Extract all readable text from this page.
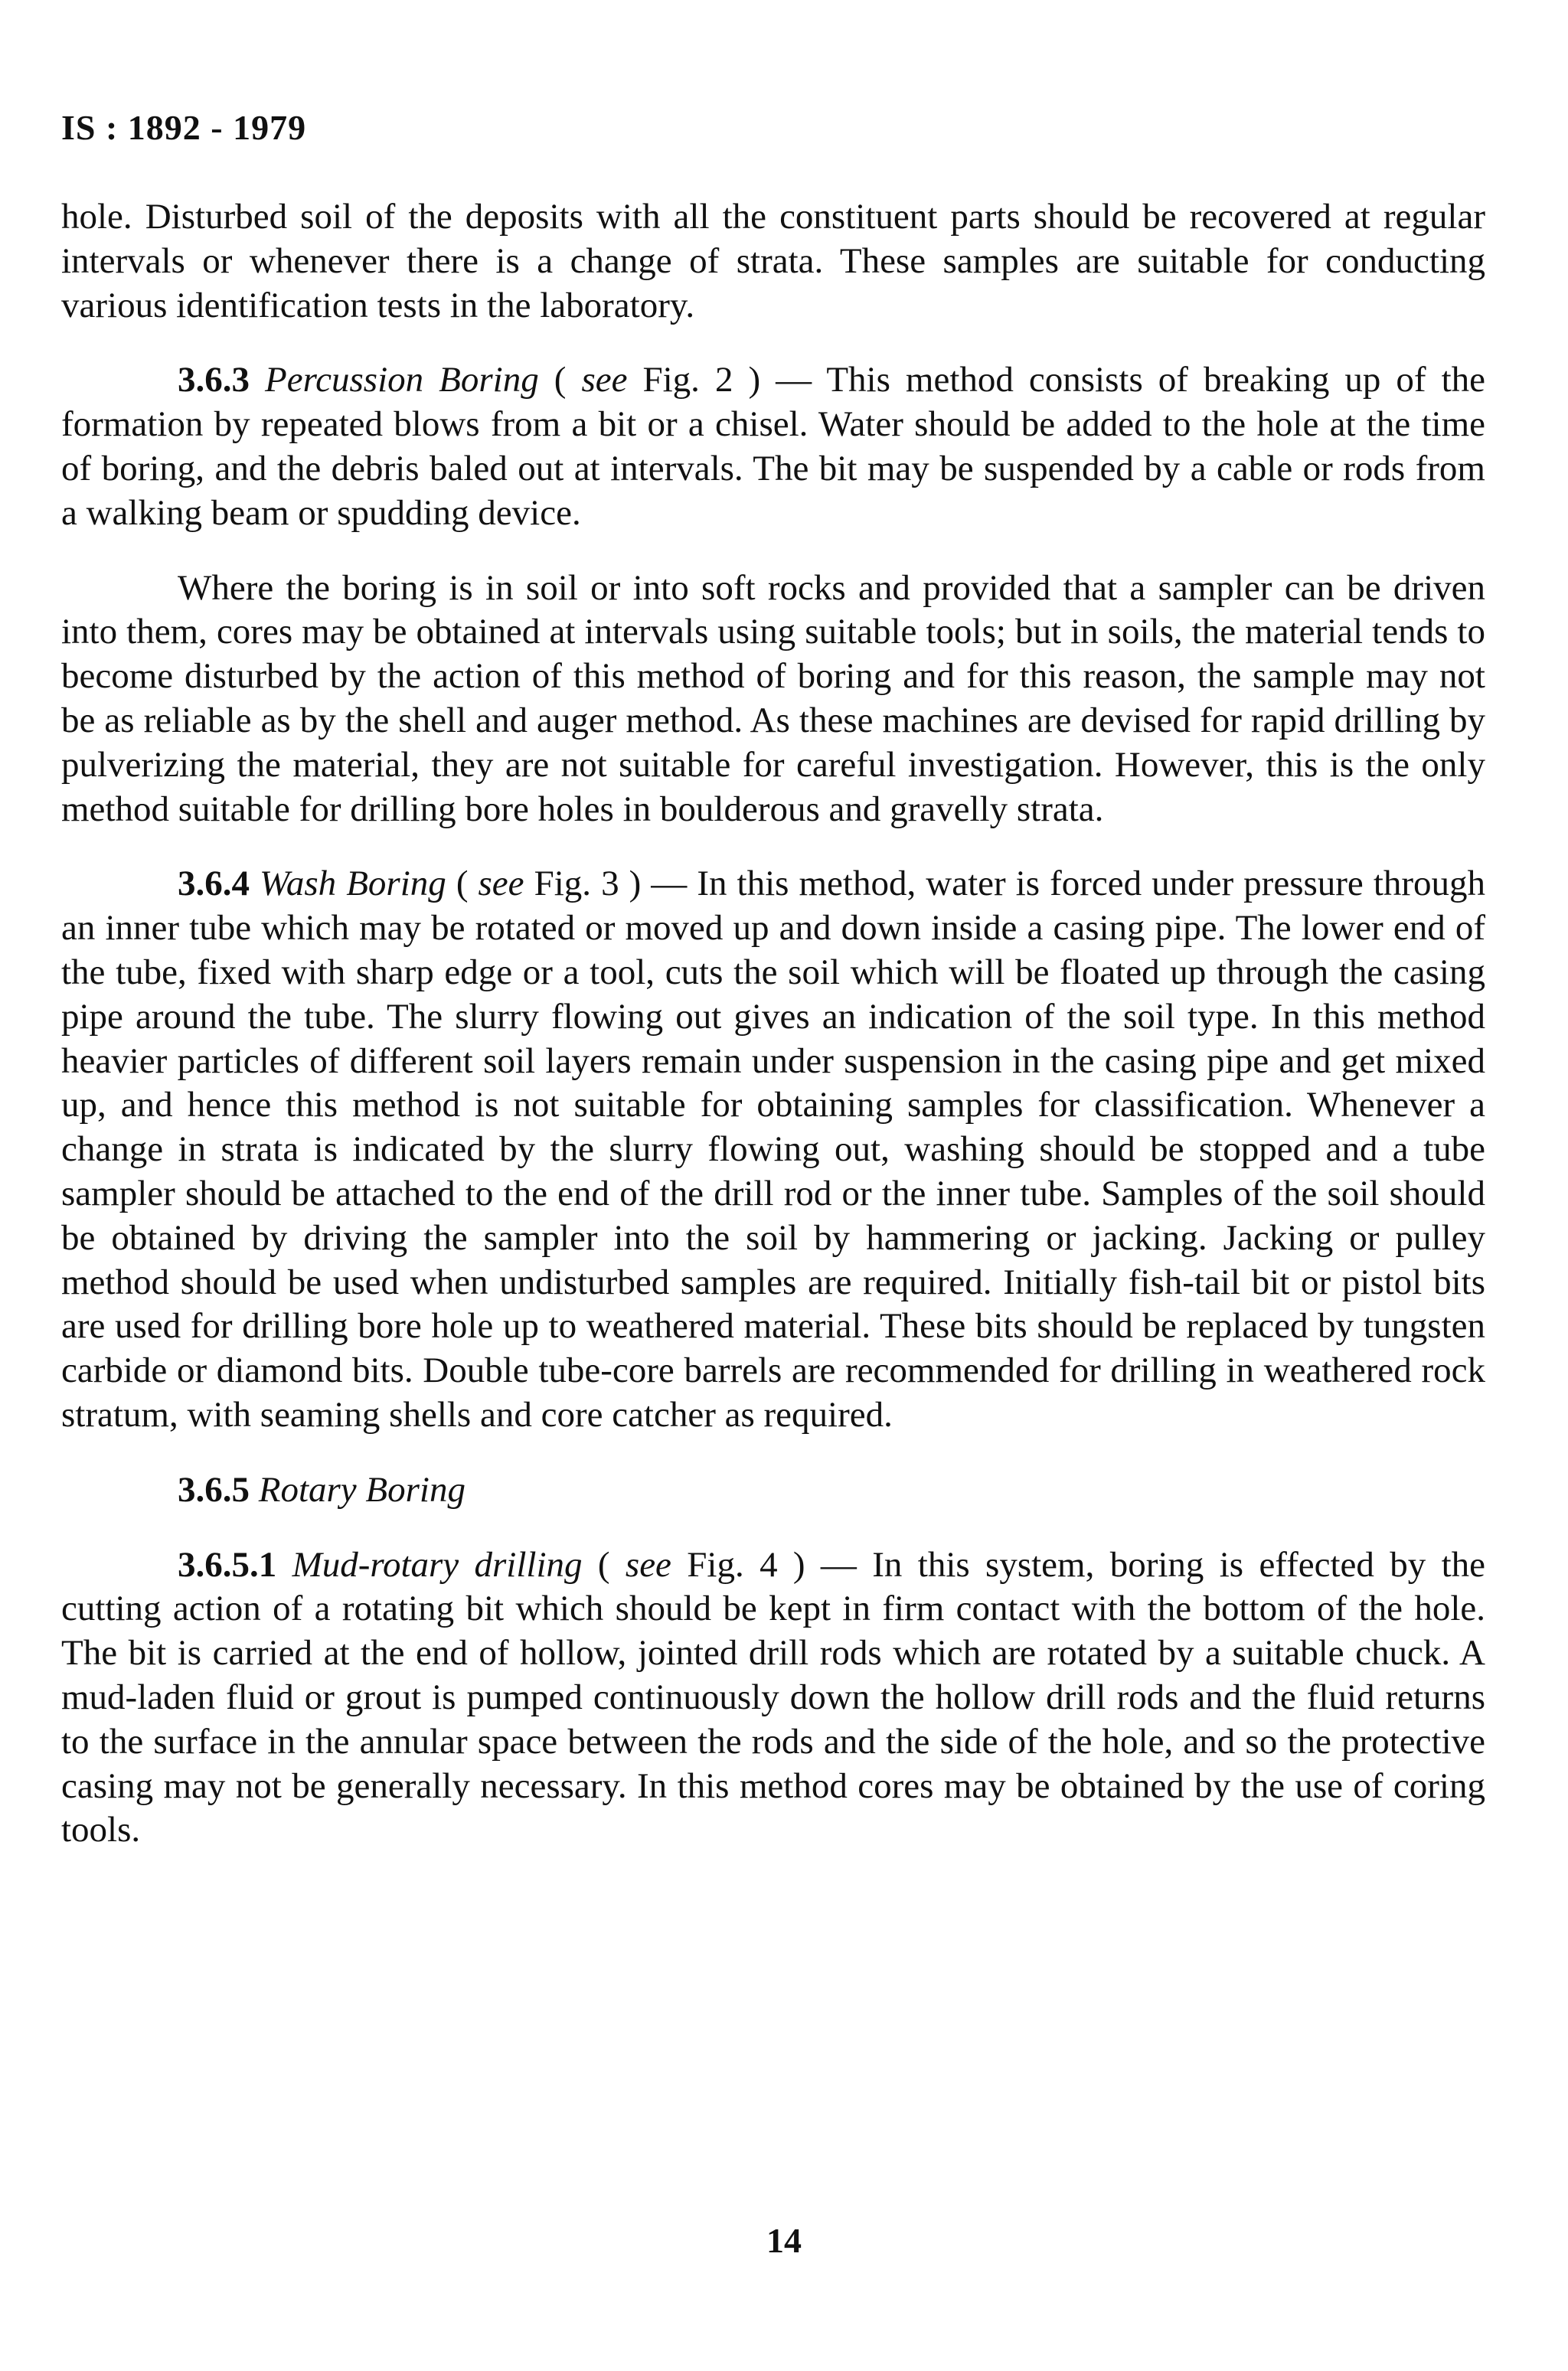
IS : 1892 - 1979

hole. Disturbed soil of the deposits with all the constituent parts should be recovered at regular intervals or whenever there is a change of strata. These samples are suitable for conducting various identification tests in the laboratory.

3.6.3 Percussion Boring ( see Fig. 2 ) — This method consists of breaking up of the formation by repeated blows from a bit or a chisel. Water should be added to the hole at the time of boring, and the debris baled out at intervals. The bit may be suspended by a cable or rods from a walking beam or spudding device.

Where the boring is in soil or into soft rocks and provided that a sampler can be driven into them, cores may be obtained at intervals using suitable tools; but in soils, the material tends to become disturbed by the action of this method of boring and for this reason, the sample may not be as reliable as by the shell and auger method. As these machines are devised for rapid drilling by pulverizing the material, they are not suitable for careful investigation. However, this is the only method suitable for drilling bore holes in boulderous and gravelly strata.

3.6.4 Wash Boring ( see Fig. 3 ) — In this method, water is forced under pressure through an inner tube which may be rotated or moved up and down inside a casing pipe. The lower end of the tube, fixed with sharp edge or a tool, cuts the soil which will be floated up through the casing pipe around the tube. The slurry flowing out gives an indication of the soil type. In this method heavier particles of different soil layers remain under suspension in the casing pipe and get mixed up, and hence this method is not suitable for obtaining samples for classification. Whenever a change in strata is indicated by the slurry flowing out, washing should be stopped and a tube sampler should be attached to the end of the drill rod or the inner tube. Samples of the soil should be obtained by driving the sampler into the soil by hammering or jacking. Jacking or pulley method should be used when undisturbed samples are required. Initially fish-tail bit or pistol bits are used for drilling bore hole up to weathered material. These bits should be replaced by tungsten carbide or diamond bits. Double tube-core barrels are recommended for drilling in weathered rock stratum, with seaming shells and core catcher as required.

3.6.5 Rotary Boring

3.6.5.1 Mud-rotary drilling ( see Fig. 4 ) — In this system, boring is effected by the cutting action of a rotating bit which should be kept in firm contact with the bottom of the hole. The bit is carried at the end of hollow, jointed drill rods which are rotated by a suitable chuck. A mud-laden fluid or grout is pumped continuously down the hollow drill rods and the fluid returns to the surface in the annular space between the rods and the side of the hole, and so the protective casing may not be generally necessary. In this method cores may be obtained by the use of coring tools.

14
